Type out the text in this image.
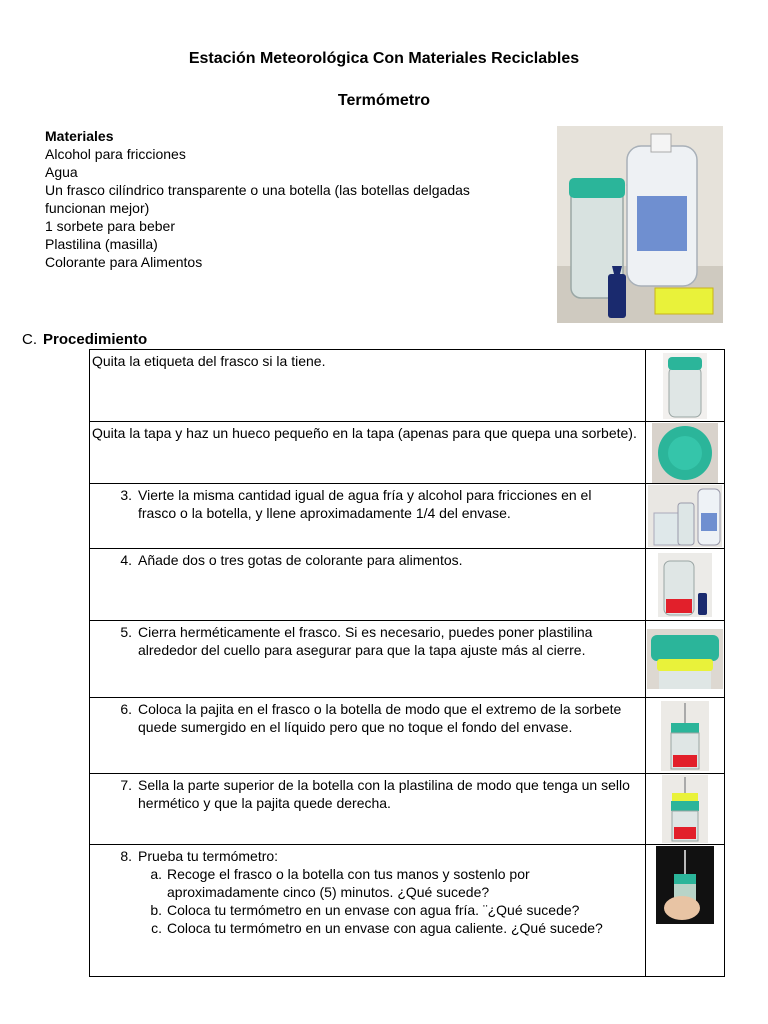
Estación Meteorológica Con Materiales Reciclables
Termómetro
Materiales
Alcohol para fricciones
Agua
Un frasco cilíndrico transparente o una botella (las botellas delgadas funcionan mejor)
1 sorbete para beber
Plastilina (masilla)
Colorante para Alimentos
C. Procedimiento
Quita la etiqueta del frasco si la tiene.	

Quita la tapa y haz un hueco pequeño en la tapa (apenas para que quepa una sorbete).	

3. Vierte la misma cantidad igual de agua fría y alcohol para fricciones en el frasco o la botella, y llene aproximadamente 1/4 del envase.	

4. Añade dos o tres gotas de colorante para alimentos.	

5. Cierra herméticamente el frasco. Si es necesario, puedes poner plastilina alrededor del cuello para asegurar para que la tapa ajuste más al cierre.	

6. Coloca la pajita en el frasco o la botella de modo que el extremo de la sorbete quede sumergido en el líquido pero que no toque el fondo del envase.	

7. Sella la parte superior de la botella con la plastilina de modo que tenga un sello hermético y que la pajita quede derecha.	

8. Prueba tu termómetro:
a. Recoge el frasco o la botella con tus manos y sostenlo por aproximadamente cinco (5) minutos. ¿Qué sucede?
b. Coloca tu termómetro en un envase con agua fría. ¨¿Qué sucede?
c. Coloca tu termómetro en un envase con agua caliente. ¿Qué sucede?
